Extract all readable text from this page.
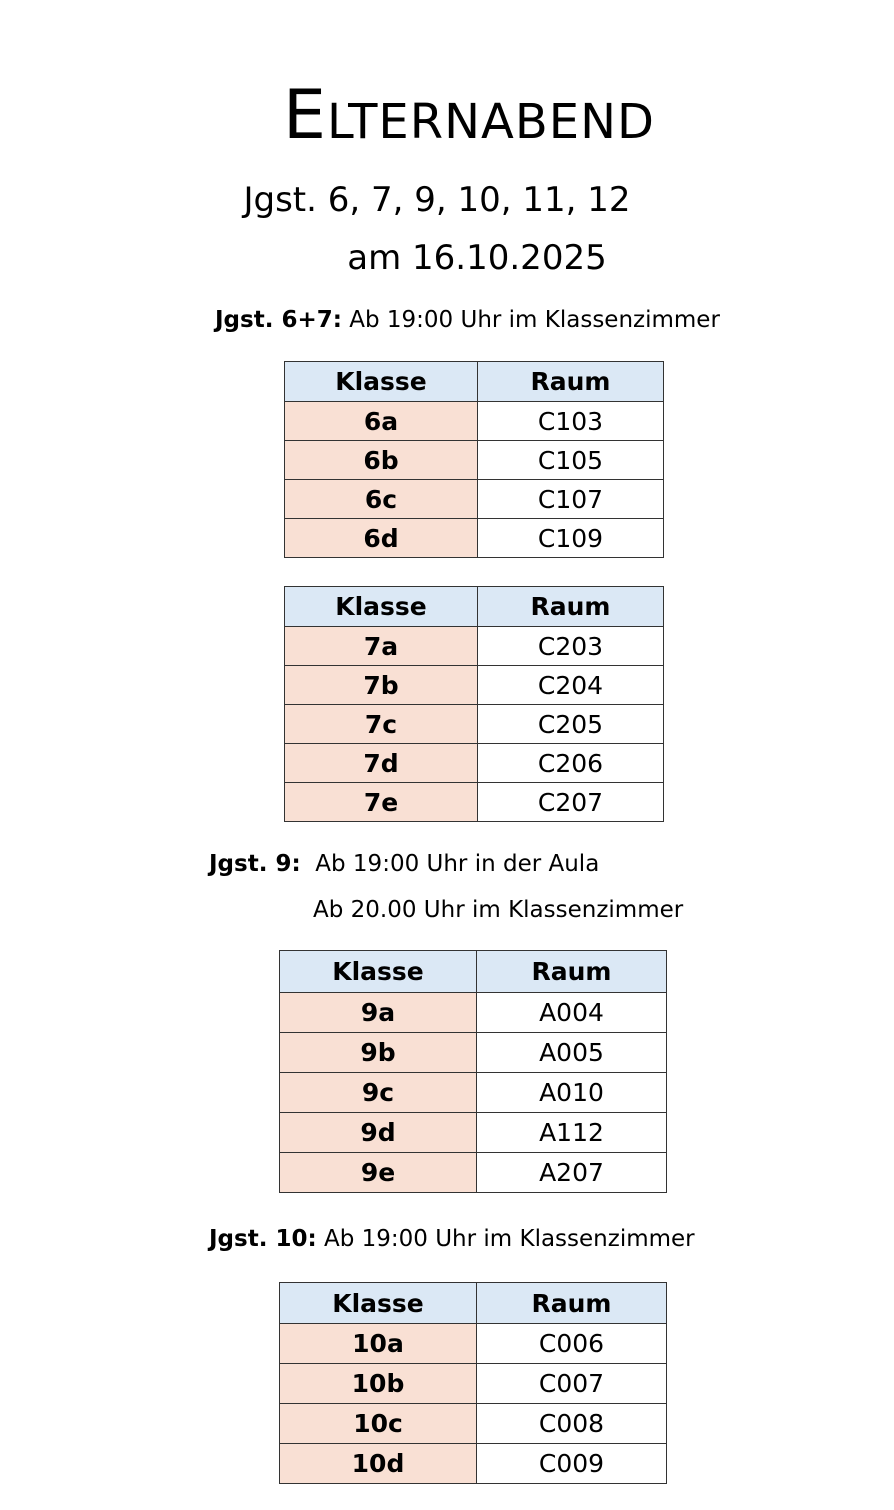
Elternabend
Jgst. 6, 7, 9, 10, 11, 12
am 16.10.2025
Jgst. 6+7: Ab 19:00 Uhr im Klassenzimmer
Klasse	Raum
6a	C103
6b	C105
6c	C107
6d	C109
Klasse	Raum
7a	C203
7b	C204
7c	C205
7d	C206
7e	C207
Jgst. 9: Ab 19:00 Uhr in der Aula
Ab 20.00 Uhr im Klassenzimmer
Klasse	Raum
9a	A004
9b	A005
9c	A010
9d	A112
9e	A207
Jgst. 10: Ab 19:00 Uhr im Klassenzimmer
Klasse	Raum
10a	C006
10b	C007
10c	C008
10d	C009
